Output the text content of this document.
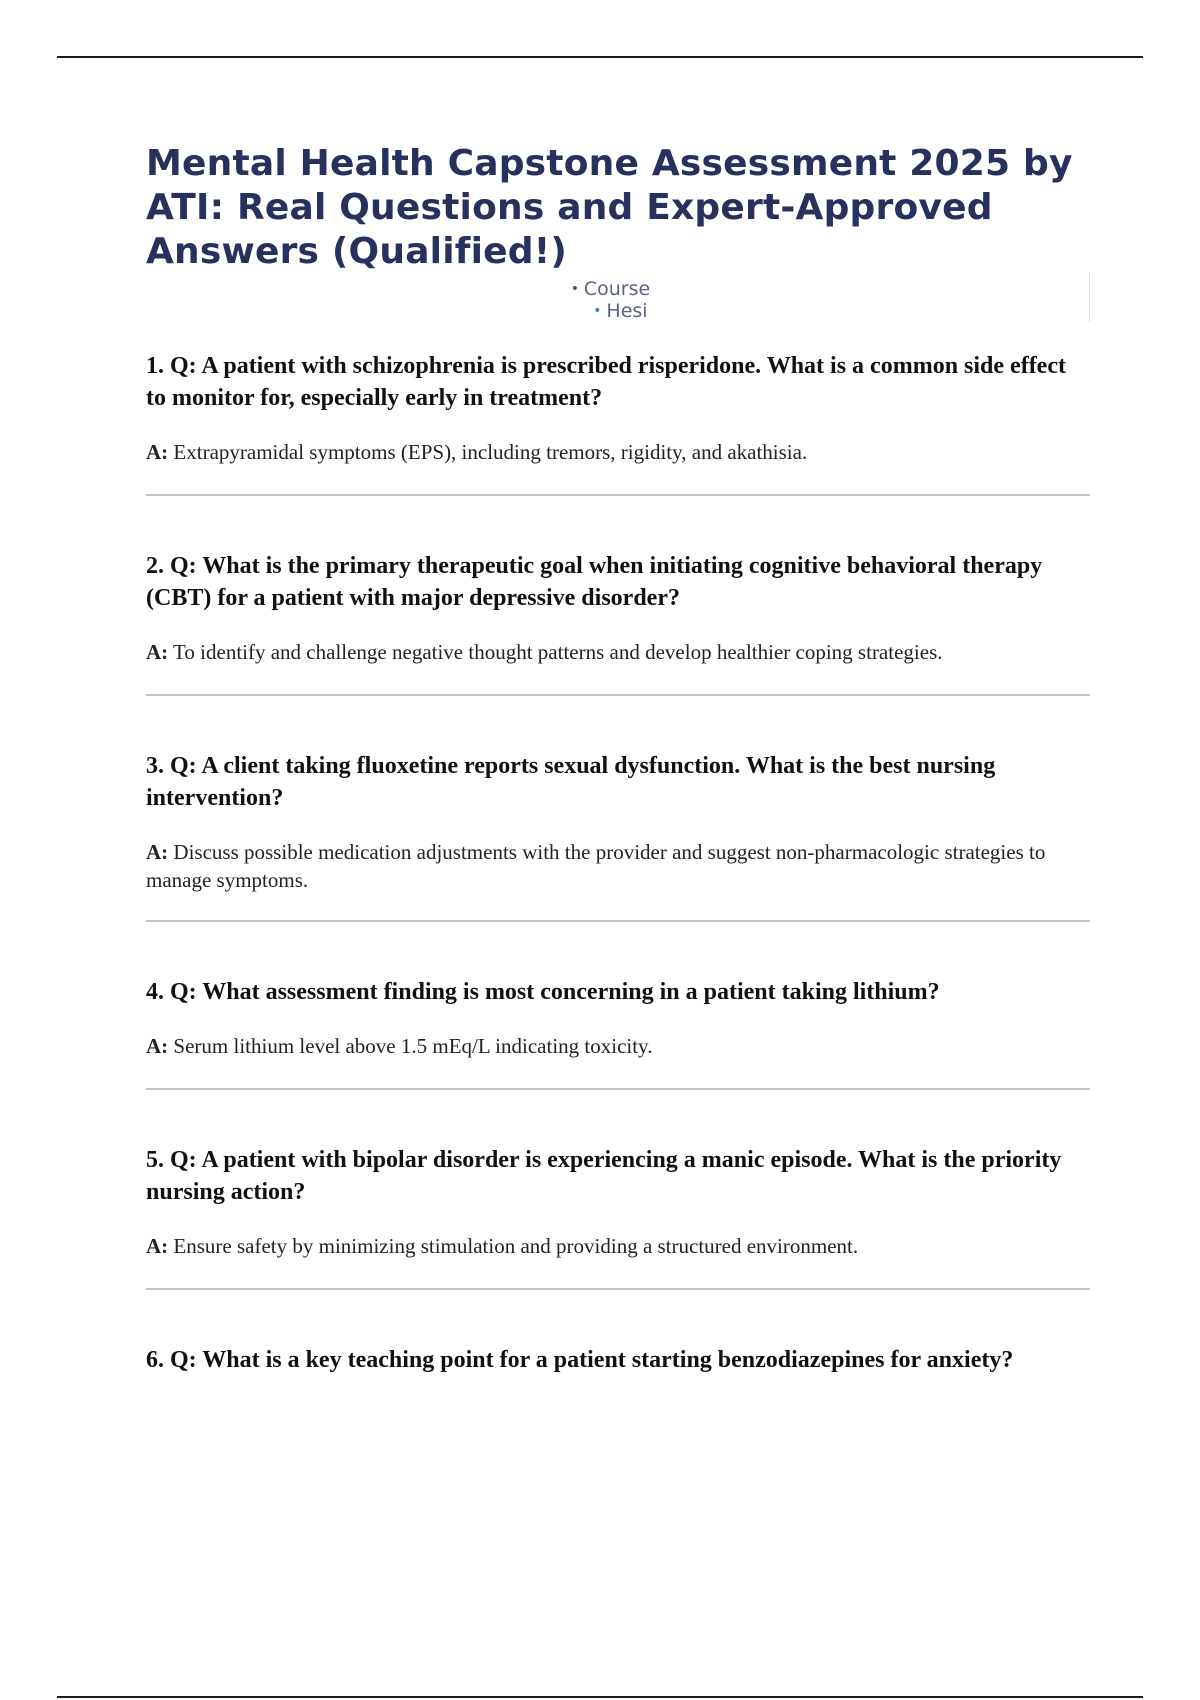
Mental Health Capstone Assessment 2025 by ATI: Real Questions and Expert-Approved Answers (Qualified!)
• Course
• Hesi

1. Q: A patient with schizophrenia is prescribed risperidone. What is a common side effect to monitor for, especially early in treatment?

A: Extrapyramidal symptoms (EPS), including tremors, rigidity, and akathisia.

2. Q: What is the primary therapeutic goal when initiating cognitive behavioral therapy (CBT) for a patient with major depressive disorder?

A: To identify and challenge negative thought patterns and develop healthier coping strategies.

3. Q: A client taking fluoxetine reports sexual dysfunction. What is the best nursing intervention?

A: Discuss possible medication adjustments with the provider and suggest non-pharmacologic strategies to manage symptoms.

4. Q: What assessment finding is most concerning in a patient taking lithium?

A: Serum lithium level above 1.5 mEq/L indicating toxicity.

5. Q: A patient with bipolar disorder is experiencing a manic episode. What is the priority nursing action?

A: Ensure safety by minimizing stimulation and providing a structured environment.

6. Q: What is a key teaching point for a patient starting benzodiazepines for anxiety?
